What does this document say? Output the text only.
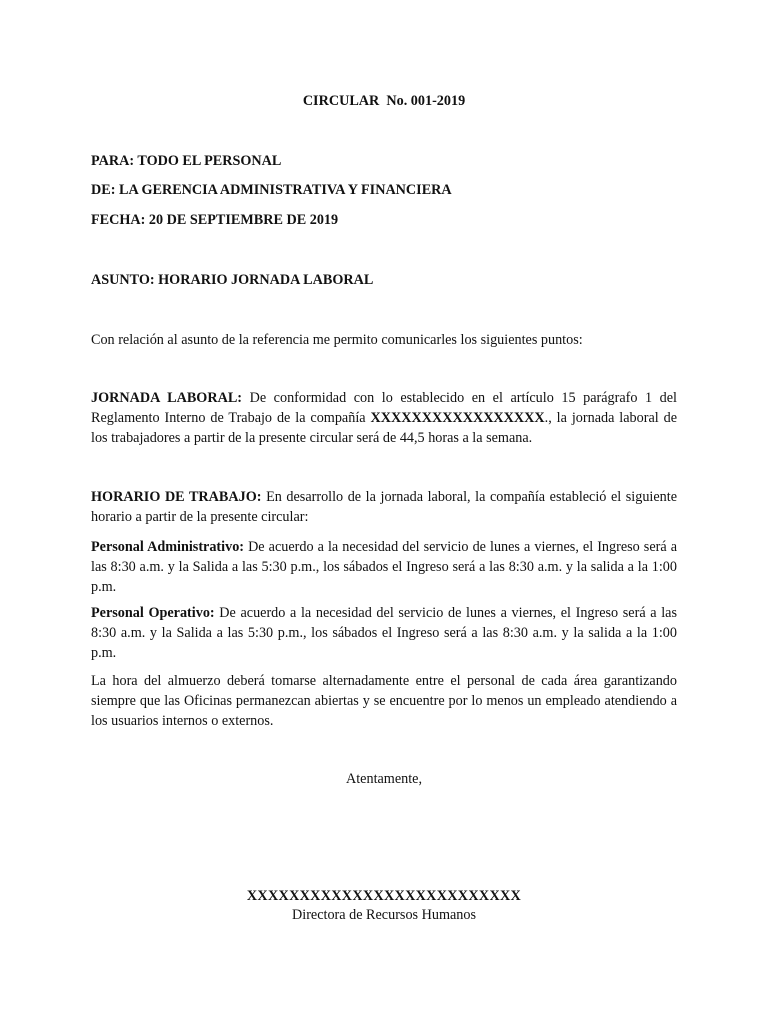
CIRCULAR  No. 001-2019

PARA: TODO EL PERSONAL

DE: LA GERENCIA ADMINISTRATIVA Y FINANCIERA

FECHA: 20 DE SEPTIEMBRE DE 2019

ASUNTO: HORARIO JORNADA LABORAL

Con relación al asunto de la referencia me permito comunicarles los siguientes puntos:

JORNADA LABORAL: De conformidad con lo establecido en el artículo 15 parágrafo 1 del Reglamento Interno de Trabajo de la compañía XXXXXXXXXXXXXXXXX., la jornada laboral de los trabajadores a partir de la presente circular será de 44,5 horas a la semana.

HORARIO DE TRABAJO: En desarrollo de la jornada laboral, la compañía estableció el siguiente horario a partir de la presente circular:

Personal Administrativo: De acuerdo a la necesidad del servicio de lunes a viernes, el Ingreso será a las 8:30 a.m. y la Salida a las 5:30 p.m., los sábados el Ingreso será a las 8:30 a.m. y la salida a la 1:00 p.m.

Personal Operativo: De acuerdo a la necesidad del servicio de lunes a viernes, el Ingreso será a las 8:30 a.m. y la Salida a las 5:30 p.m., los sábados el Ingreso será a las 8:30 a.m. y la salida a la 1:00 p.m.

La hora del almuerzo deberá tomarse alternadamente entre el personal de cada área garantizando siempre que las Oficinas permanezcan abiertas y se encuentre por lo menos un empleado atendiendo a los usuarios internos o externos.

Atentamente,

XXXXXXXXXXXXXXXXXXXXXXXXXX

Directora de Recursos Humanos
